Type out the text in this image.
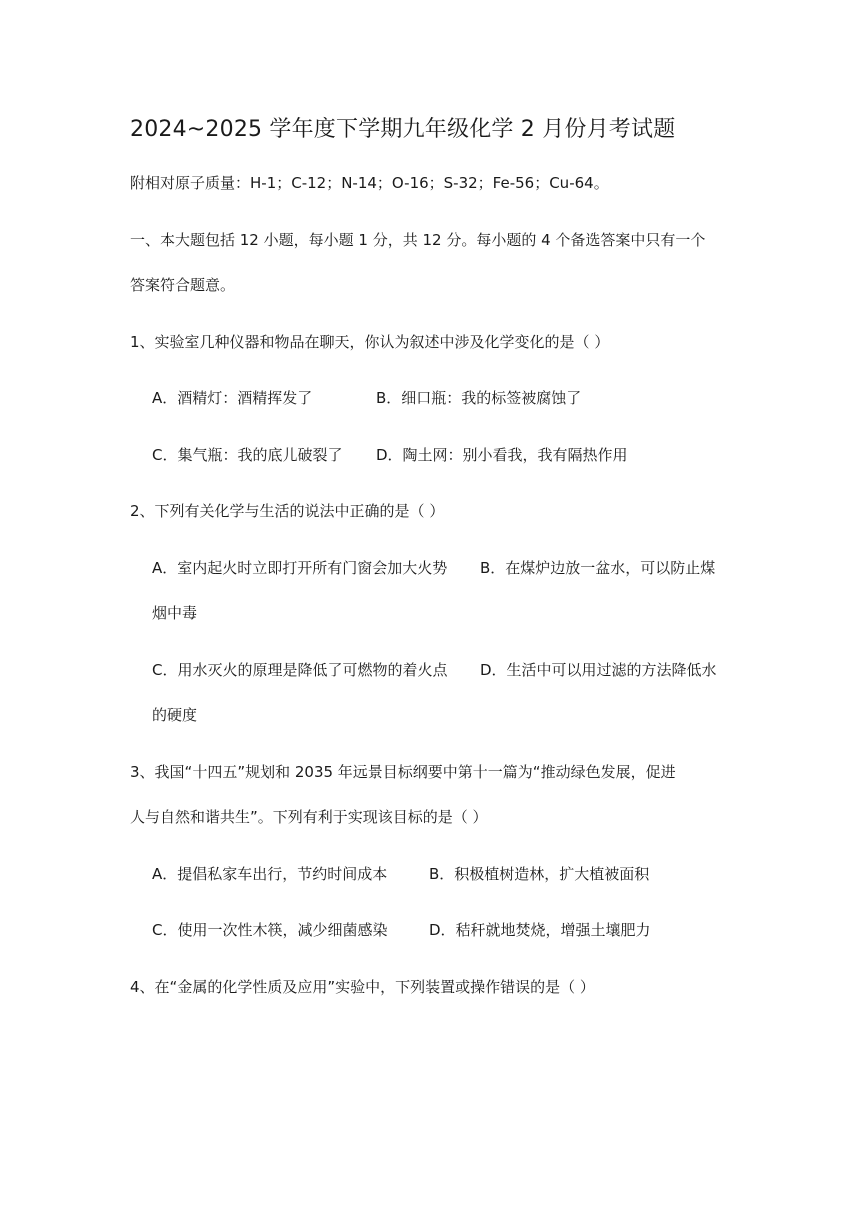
2024~2025 学年度下学期九年级化学 2 月份月考试题
附相对原子质量：H-1；C-12；N-14；O-16；S-32；Fe-56；Cu-64。
一、本大题包括 12 小题，每小题 1 分，共 12 分。每小题的 4 个备选答案中只有一个
答案符合题意。
1、实验室几种仪器和物品在聊天，你认为叙述中涉及化学变化的是（ ）
A．酒精灯：酒精挥发了	B．细口瓶：我的标签被腐蚀了
C．集气瓶：我的底儿破裂了 D．陶土网：别小看我，我有隔热作用
2、下列有关化学与生活的说法中正确的是（ ）
A．室内起火时立即打开所有门窗会加大火势 B．在煤炉边放一盆水，可以防止煤
烟中毒
C．用水灭火的原理是降低了可燃物的着火点 D．生活中可以用过滤的方法降低水
的硬度
3、我国“十四五”规划和 2035 年远景目标纲要中第十一篇为“推动绿色发展，促进
人与自然和谐共生”。下列有利于实现该目标的是（ ）
A．提倡私家车出行，节约时间成本	B．积极植树造林，扩大植被面积
C．使用一次性木筷，减少细菌感染	D．秸秆就地焚烧，增强土壤肥力
4、在“金属的化学性质及应用”实验中，下列装置或操作错误的是（ ）
